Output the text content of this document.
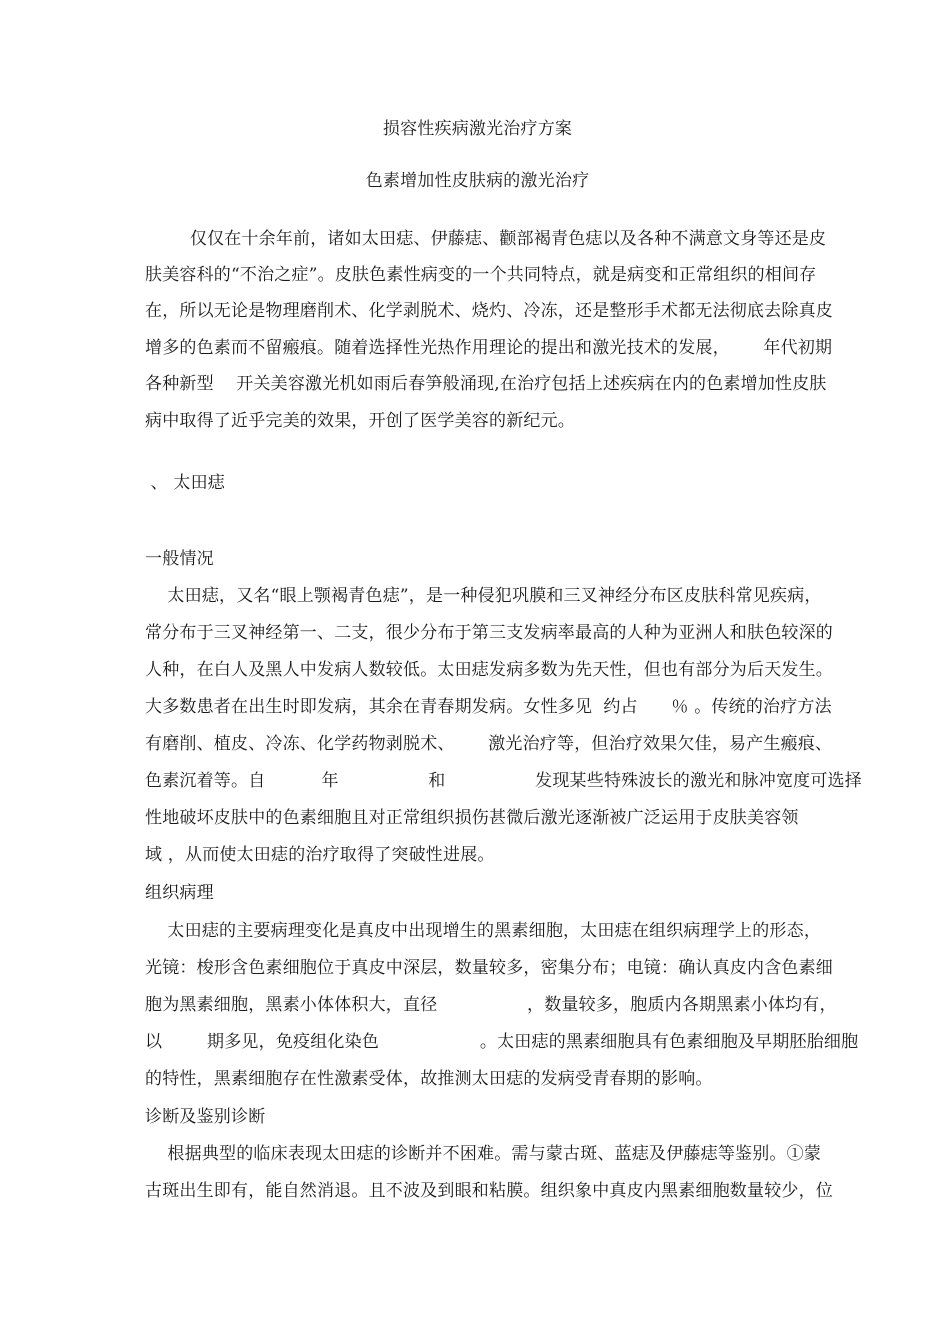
损容性疾病激光治疗方案
色素增加性皮肤病的激光治疗
仅仅在十余年前，诸如太田痣、伊藤痣、颧部褐青色痣以及各种不满意文身等还是皮
肤美容科的“不治之症”。皮肤色素性病变的一个共同特点，就是病变和正常组织的相间存
在，所以无论是物理磨削术、化学剥脱术、烧灼、冷冻，还是整形手术都无法彻底去除真皮
增多的色素而不留瘢痕。随着选择性光热作用理论的提出和激光技术的发展，      年代初期
各种新型    开关美容激光机如雨后春笋般涌现,在治疗包括上述疾病在内的色素增加性皮肤
病中取得了近乎完美的效果，开创了医学美容的新纪元。
、 太田痣
一般情况
太田痣，又名“眼上颚褐青色痣”，是一种侵犯巩膜和三叉神经分布区皮肤科常见疾病，
常分布于三叉神经第一、二支，很少分布于第三支发病率最高的人种为亚洲人和肤色较深的
人种，在白人及黑人中发病人数较低。太田痣发病多数为先天性，但也有部分为后天发生。
大多数患者在出生时即发病，其余在青春期发病。女性多见  约占      ％ 。传统的治疗方法
有磨削、植皮、冷冻、化学药物剥脱术、      激光治疗等，但治疗效果欠佳，易产生瘢痕、
色素沉着等。自          年                和                发现某些特殊波长的激光和脉冲宽度可选择
性地破坏皮肤中的色素细胞且对正常组织损伤甚微后激光逐渐被广泛运用于皮肤美容领
域 ，从而使太田痣的治疗取得了突破性进展。
组织病理
太田痣的主要病理变化是真皮中出现增生的黑素细胞，太田痣在组织病理学上的形态，
光镜：梭形含色素细胞位于真皮中深层，数量较多，密集分布；电镜：确认真皮内含色素细
胞为黑素细胞，黑素小体体积大，直径                ，数量较多，胞质内各期黑素小体均有，
以        期多见，免疫组化染色                  。太田痣的黑素细胞具有色素细胞及早期胚胎细胞
的特性，黑素细胞存在性激素受体，故推测太田痣的发病受青春期的影响。
诊断及鉴别诊断
根据典型的临床表现太田痣的诊断并不困难。需与蒙古斑、蓝痣及伊藤痣等鉴别。①蒙
古斑出生即有，能自然消退。且不波及到眼和粘膜。组织象中真皮内黑素细胞数量较少，位
